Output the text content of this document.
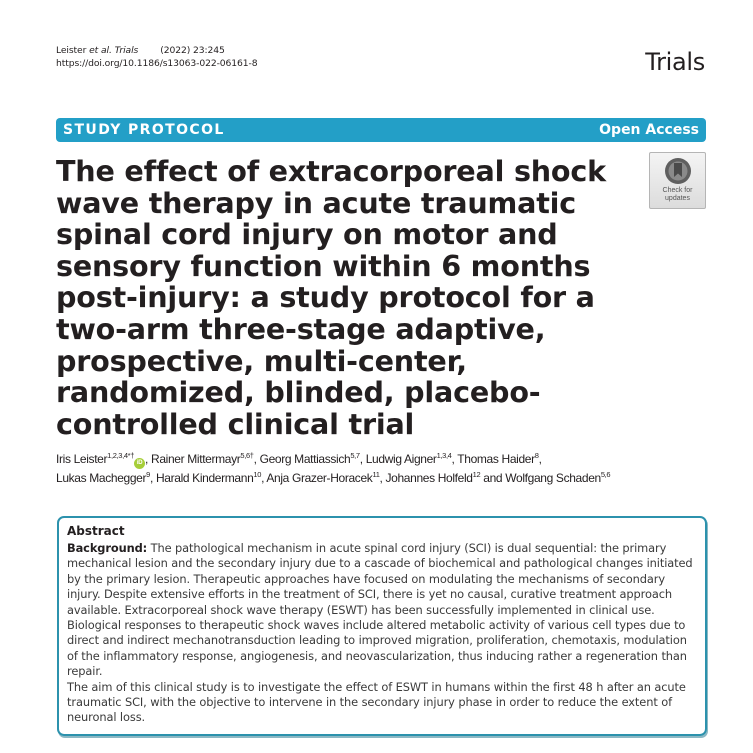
Leister et al. Trials (2022) 23:245
https://doi.org/10.1186/s13063-022-06161-8	Trials
STUDY PROTOCOL	Open Access
The effect of extracorporeal shock wave therapy in acute traumatic spinal cord injury on motor and sensory function within 6 months post-injury: a study protocol for a two-arm three-stage adaptive, prospective, multi-center, randomized, blinded, placebo-controlled clinical trial
Check for
updates
Iris Leister$^{1,2,3,4*\dagger}$iD , Rainer Mittermayr$^{5,6\dagger}$, Georg Mattiassich$^{5,7}$, Ludwig Aigner$^{1,3,4}$, Thomas Haider$^8$,
Lukas Machegger$^9$, Harald Kindermann$^{10}$, Anja Grazer-Horacek$^{11}$, Johannes Holfeld$^{12}$ and Wolfgang Schaden$^{5,6}$
Abstract

Background: The pathological mechanism in acute spinal cord injury (SCI) is dual sequential: the primary mechanical lesion and the secondary injury due to a cascade of biochemical and pathological changes initiated by the primary lesion. Therapeutic approaches have focused on modulating the mechanisms of secondary injury. Despite extensive efforts in the treatment of SCI, there is yet no causal, curative treatment approach available. Extracorporeal shock wave therapy (ESWT) has been successfully implemented in clinical use. Biological responses to therapeutic shock waves include altered metabolic activity of various cell types due to direct and indirect mechanotransduction leading to improved migration, proliferation, chemotaxis, modulation of the inflammatory response, angiogenesis, and neovascularization, thus inducing rather a regeneration than repair.

The aim of this clinical study is to investigate the effect of ESWT in humans within the first 48 h after an acute traumatic SCI, with the objective to intervene in the secondary injury phase in order to reduce the extent of neuronal loss.
